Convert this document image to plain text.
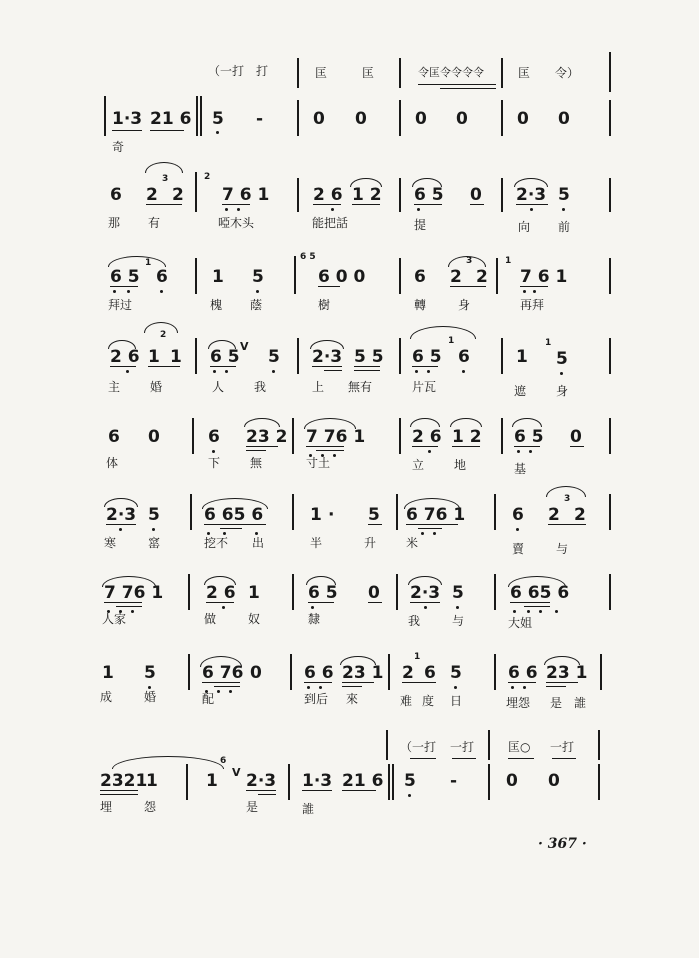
（一打 打	匡	匡	令匡令令令令	匡 令）
1·3 21 6 5 -	0 0	0 0	0 0
奇
6 2
3
2
2
7 6 1	2 6 1 2 6 5 0 2·3 5
那 有	啞木头	能把話	提	向 前
6 5
1
6	1 5
6 5
6 0 0	6 2
3
2
1
7 6 1
拜过	槐 蔭	樹	轉	身	再拜
2 6 1
2
1 6 5
V
5 2·3 5 5 6 5
1
6	1
1
5
主 婚	人 我	上 無有	片瓦	遮 身
6 0	6 23 2 7 76 1	2 6 1 2 6 5 0
体	下 無	寸土	立 地	基
2·3 5	6 65 6	1 · 5 6 76 1	6 2
3
2
寒	窰	挖不 出	半	升 米	賣	与
7 76 1	2 6 1	6 5 0 2·3 5	6 65 6
人家	做	奴	隸	我	与	大姐
1 5	6 76 0 6 6 23 1 2
1
6 5	6 6 23 1
成	婚	配	到后 來	难 度 日	埋怨 是 誰
（一打 一打	匡○ 一打
2321
1	1
6
V 2·3 1·3 21 6 5 -	0 0
埋	怨	是	誰
· 367 ·
